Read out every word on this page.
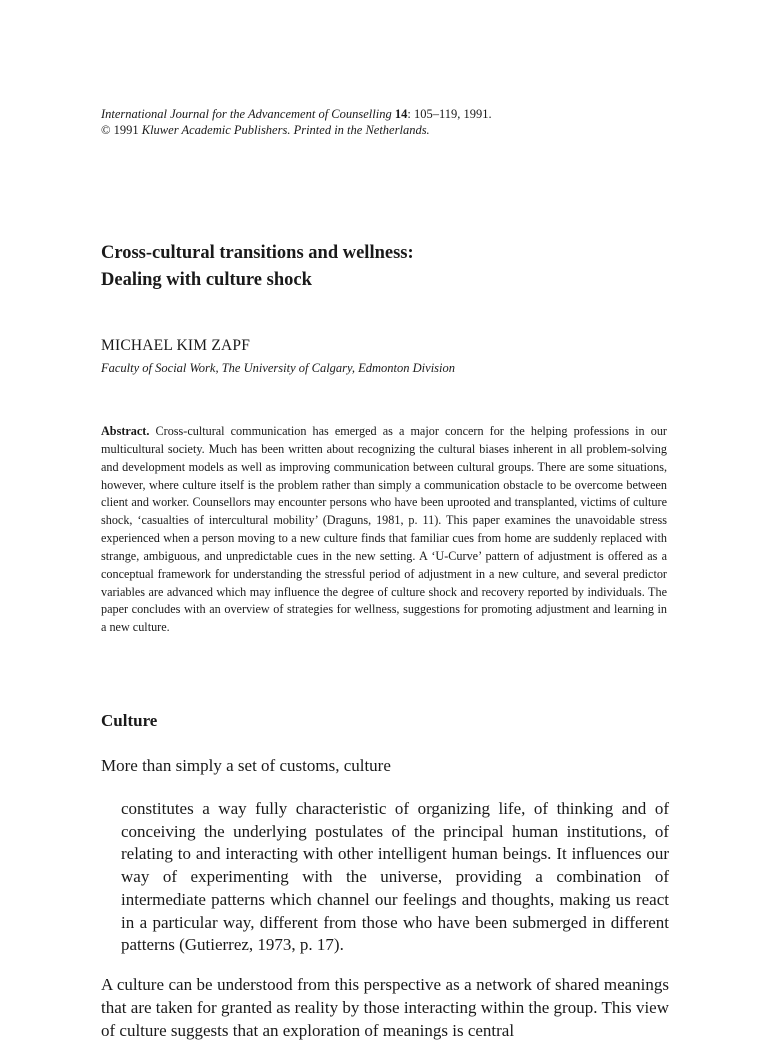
International Journal for the Advancement of Counselling 14: 105–119, 1991.
© 1991 Kluwer Academic Publishers. Printed in the Netherlands.
Cross-cultural transitions and wellness:
Dealing with culture shock
MICHAEL KIM ZAPF
Faculty of Social Work, The University of Calgary, Edmonton Division

Abstract. Cross-cultural communication has emerged as a major concern for the helping professions in our multicultural society. Much has been written about recognizing the cultural biases inherent in all problem-solving and development models as well as improving communication between cultural groups. There are some situations, however, where culture itself is the problem rather than simply a communication obstacle to be overcome between client and worker. Counsellors may encounter persons who have been uprooted and transplanted, victims of culture shock, ‘casualties of intercultural mobility’ (Draguns, 1981, p. 11). This paper examines the unavoidable stress experienced when a person moving to a new culture finds that familiar cues from home are suddenly replaced with strange, ambiguous, and unpredictable cues in the new setting. A ‘U-Curve’ pattern of adjustment is offered as a conceptual framework for understanding the stressful period of adjustment in a new culture, and several predictor variables are advanced which may influence the degree of culture shock and recovery reported by individuals. The paper concludes with an overview of strategies for wellness, suggestions for promoting adjustment and learning in a new culture.

Culture

More than simply a set of customs, culture

constitutes a way fully characteristic of organizing life, of thinking and of conceiving the underlying postulates of the principal human institutions, of relating to and interacting with other intelligent human beings. It influences our way of experimenting with the universe, providing a combination of intermediate patterns which channel our feelings and thoughts, making us react in a particular way, different from those who have been submerged in different patterns (Gutierrez, 1973, p. 17).

A culture can be understood from this perspective as a network of shared meanings that are taken for granted as reality by those interacting within the group. This view of culture suggests that an exploration of meanings is central
